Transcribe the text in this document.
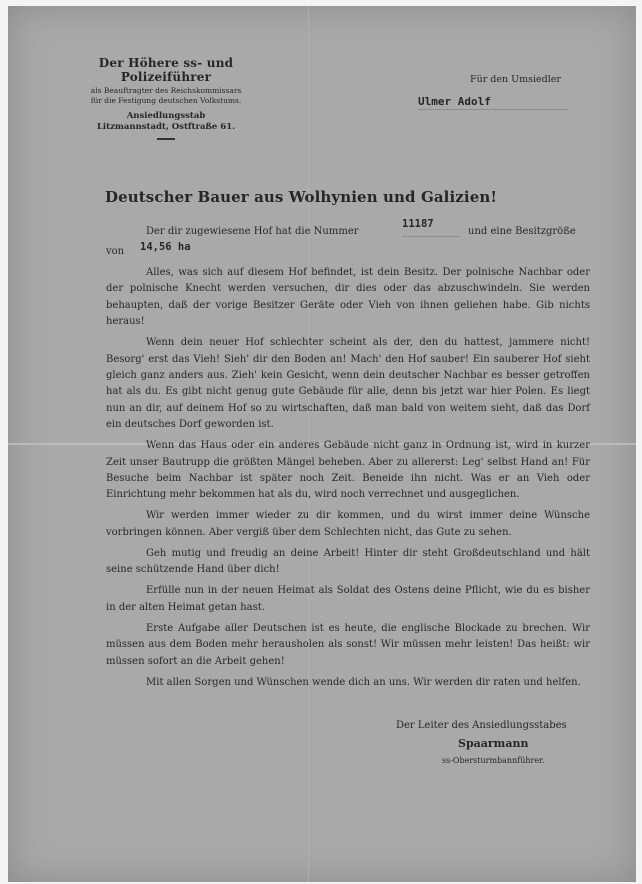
Der Höhere ss- und Polizeiführer
als Beauftragter des Reichskommissars
für die Festigung deutschen Volkstums.
Ansiedlungsstab
Litzmannstadt, Ostftraße 61.
Für den Umsiedler
Ulmer Adolf
Deutscher Bauer aus Wolhynien und Galizien!
Der dir zugewiesene Hof hat die Nummer
11187
und eine Besitzgröße
von 14,56 ha

Alles, was sich auf diesem Hof befindet, ist dein Besitz. Der polnische Nachbar oder der polnische Knecht werden versuchen, dir dies oder das abzuschwindeln. Sie werden behaupten, daß der vorige Besitzer Geräte oder Vieh von ihnen geliehen habe. Gib nichts heraus!

Wenn dein neuer Hof schlechter scheint als der, den du hattest, jammere nicht! Besorg' erst das Vieh! Sieh' dir den Boden an! Mach' den Hof sauber! Ein sauberer Hof sieht gleich ganz anders aus. Zieh' kein Gesicht, wenn dein deutscher Nachbar es besser getroffen hat als du. Es gibt nicht genug gute Gebäude für alle, denn bis jetzt war hier Polen. Es liegt nun an dir, auf deinem Hof so zu wirtschaften, daß man bald von weitem sieht, daß das Dorf ein deutsches Dorf geworden ist.

Wenn das Haus oder ein anderes Gebäude nicht ganz in Ordnung ist, wird in kurzer Zeit unser Bautrupp die größten Mängel beheben. Aber zu allererst: Leg' selbst Hand an! Für Besuche beim Nachbar ist später noch Zeit. Beneide ihn nicht. Was er an Vieh oder Einrichtung mehr bekommen hat als du, wird noch verrechnet und ausgeglichen.

Wir werden immer wieder zu dir kommen, und du wirst immer deine Wünsche vorbringen können. Aber vergiß über dem Schlechten nicht, das Gute zu sehen.

Geh mutig und freudig an deine Arbeit! Hinter dir steht Großdeutschland und hält seine schützende Hand über dich!

Erfülle nun in der neuen Heimat als Soldat des Ostens deine Pflicht, wie du es bisher in der alten Heimat getan hast.

Erste Aufgabe aller Deutschen ist es heute, die englische Blockade zu brechen. Wir müssen aus dem Boden mehr herausholen als sonst! Wir müssen mehr leisten! Das heißt: wir müssen sofort an die Arbeit gehen!

Mit allen Sorgen und Wünschen wende dich an uns. Wir werden dir raten und helfen.

Der Leiter des Ansiedlungsstabes
Spaarmann
ss-Obersturmbannführer.
